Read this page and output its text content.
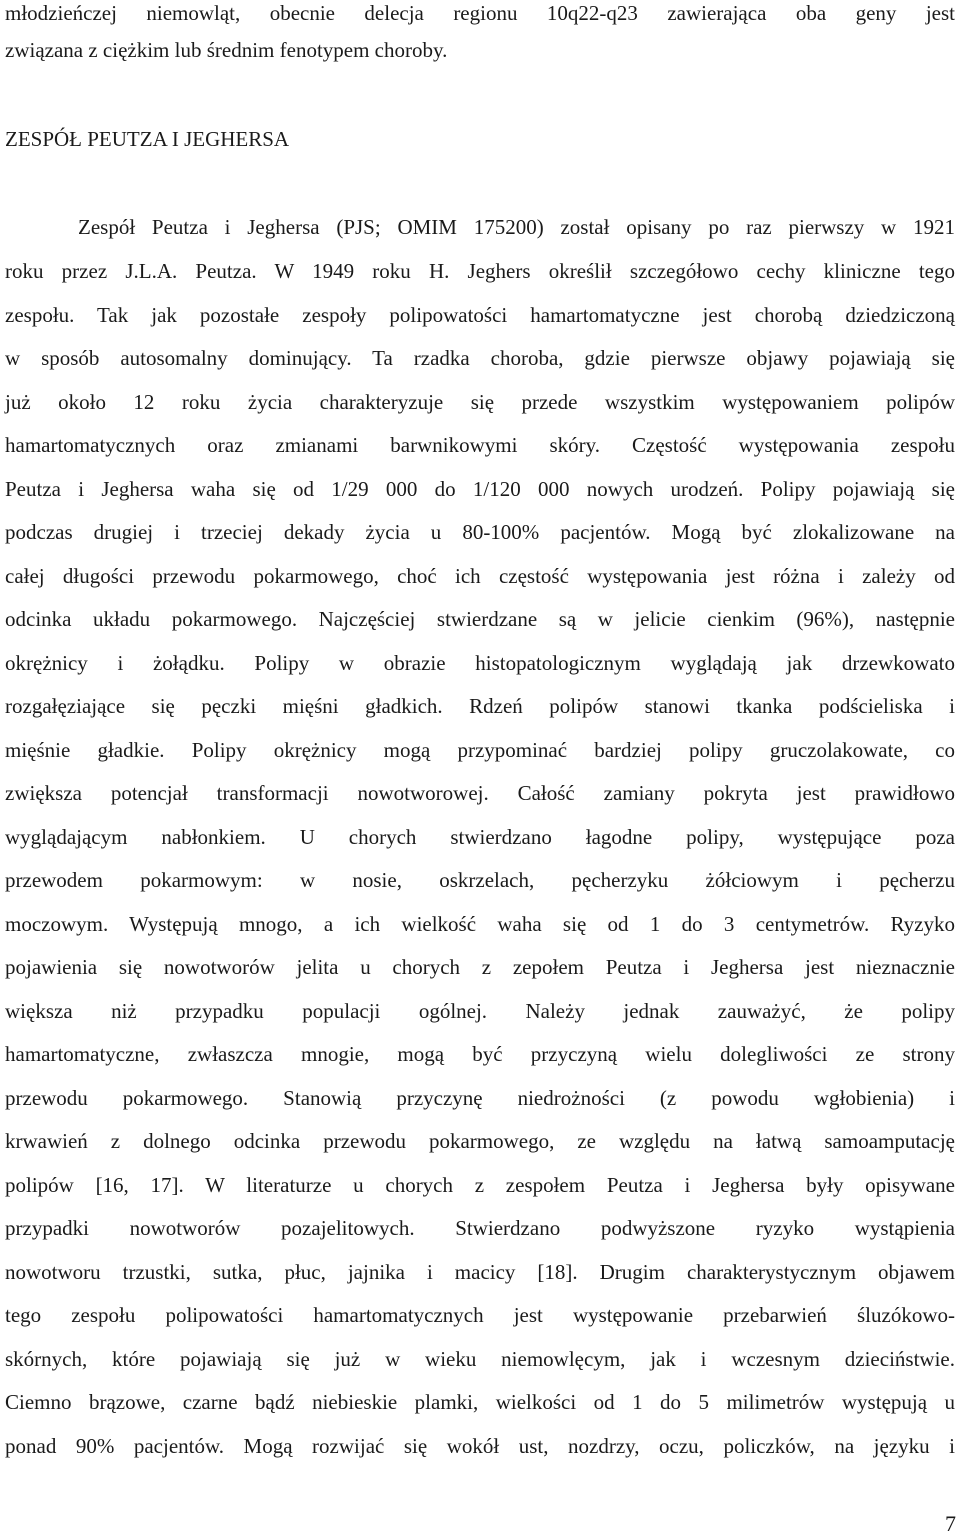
młodzieńczej niemowląt, obecnie delecja regionu 10q22-q23 zawierająca oba geny jest
związana z ciężkim lub średnim fenotypem choroby.
ZESPÓŁ PEUTZA I JEGHERSA
Zespół Peutza i Jeghersa (PJS; OMIM 175200) został opisany po raz pierwszy w 1921
roku przez J.L.A. Peutza. W 1949 roku H. Jeghers określił szczegółowo cechy kliniczne tego
zespołu. Tak jak pozostałe zespoły polipowatości hamartomatyczne jest chorobą dziedziczoną
w sposób autosomalny dominujący. Ta rzadka choroba, gdzie pierwsze objawy pojawiają się
już około 12 roku życia charakteryzuje się przede wszystkim występowaniem polipów
hamartomatycznych oraz zmianami barwnikowymi skóry. Częstość występowania zespołu
Peutza i Jeghersa waha się od 1/29 000 do 1/120 000 nowych urodzeń. Polipy pojawiają się
podczas drugiej i trzeciej dekady życia u 80-100% pacjentów. Mogą być zlokalizowane na
całej długości przewodu pokarmowego, choć ich częstość występowania jest różna i zależy od
odcinka układu pokarmowego. Najczęściej stwierdzane są w jelicie cienkim (96%), następnie
okrężnicy i żołądku. Polipy w obrazie histopatologicznym wyglądają jak drzewkowato
rozgałęziające się pęczki mięśni gładkich. Rdzeń polipów stanowi tkanka podścieliska i
mięśnie gładkie. Polipy okrężnicy mogą przypominać bardziej polipy gruczolakowate, co
zwiększa potencjał transformacji nowotworowej. Całość zamiany pokryta jest prawidłowo
wyglądającym nabłonkiem. U chorych stwierdzano łagodne polipy, występujące poza
przewodem pokarmowym: w nosie, oskrzelach, pęcherzyku żółciowym i pęcherzu
moczowym. Występują mnogo, a ich wielkość waha się od 1 do 3 centymetrów. Ryzyko
pojawienia się nowotworów jelita u chorych z zepołem Peutza i Jeghersa jest nieznacznie
większa niż przypadku populacji ogólnej. Należy jednak zauważyć, że polipy
hamartomatyczne, zwłaszcza mnogie, mogą być przyczyną wielu dolegliwości ze strony
przewodu pokarmowego. Stanowią przyczynę niedrożności (z powodu wgłobienia) i
krwawień z dolnego odcinka przewodu pokarmowego, ze względu na łatwą samoamputację
polipów [16, 17]. W literaturze u chorych z zespołem Peutza i Jeghersa były opisywane
przypadki nowotworów pozajelitowych. Stwierdzano podwyższone ryzyko wystąpienia
nowotworu trzustki, sutka, płuc, jajnika i macicy [18]. Drugim charakterystycznym objawem
tego zespołu polipowatości hamartomatycznych jest występowanie przebarwień śluzókowo-
skórnych, które pojawiają się już w wieku niemowlęcym, jak i wczesnym dzieciństwie.
Ciemno brązowe, czarne bądź niebieskie plamki, wielkości od 1 do 5 milimetrów występują u
ponad 90% pacjentów. Mogą rozwijać się wokół ust, nozdrzy, oczu, policzków, na języku i
7
